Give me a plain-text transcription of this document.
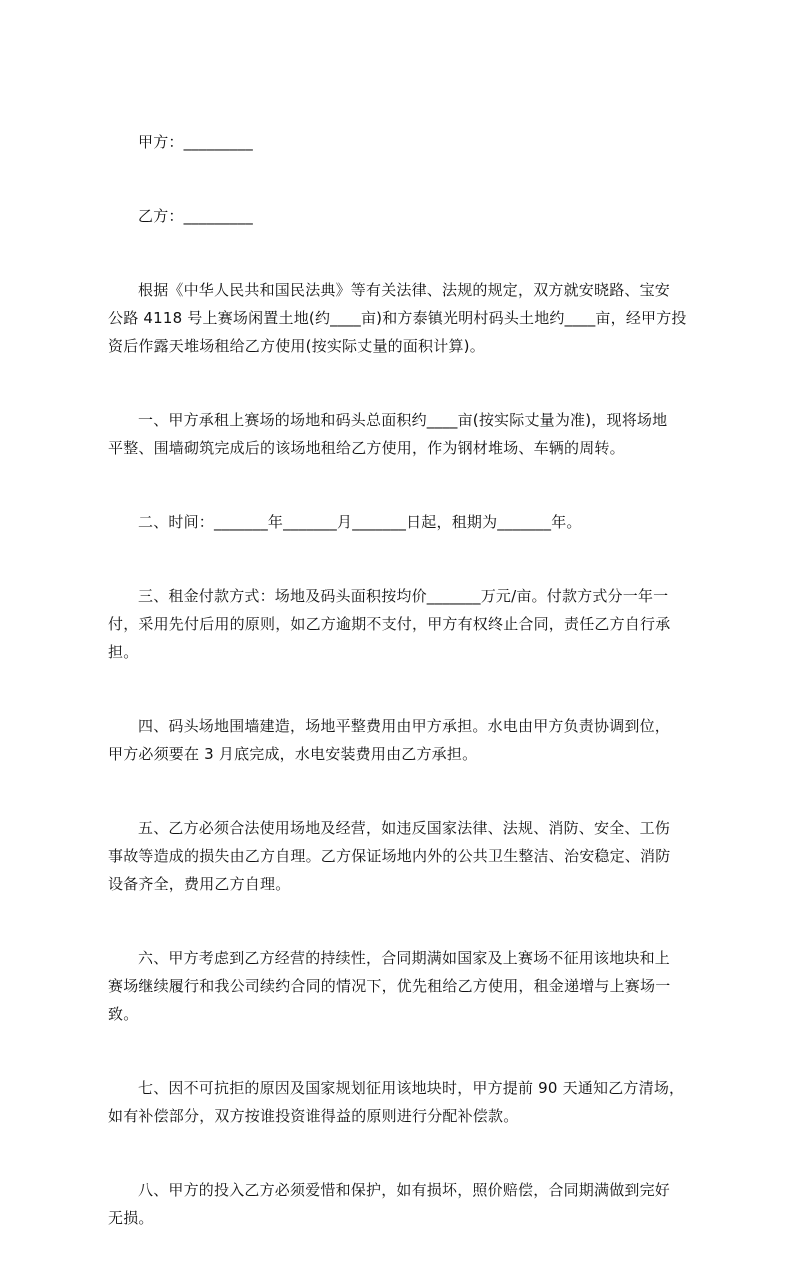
甲方：_________
乙方：_________
根据《中华人民共和国民法典》等有关法律、法规的规定，双方就安晓路、宝安
公路 4118 号上赛场闲置土地(约____亩)和方泰镇光明村码头土地约____亩，经甲方投
资后作露天堆场租给乙方使用(按实际丈量的面积计算)。
一、甲方承租上赛场的场地和码头总面积约____亩(按实际丈量为准)，现将场地
平整、围墙砌筑完成后的该场地租给乙方使用，作为钢材堆场、车辆的周转。
二、时间：_______年_______月_______日起，租期为_______年。
三、租金付款方式：场地及码头面积按均价_______万元/亩。付款方式分一年一
付，采用先付后用的原则，如乙方逾期不支付，甲方有权终止合同，责任乙方自行承
担。
四、码头场地围墙建造，场地平整费用由甲方承担。水电由甲方负责协调到位，
甲方必须要在 3 月底完成，水电安装费用由乙方承担。
五、乙方必须合法使用场地及经营，如违反国家法律、法规、消防、安全、工伤
事故等造成的损失由乙方自理。乙方保证场地内外的公共卫生整洁、治安稳定、消防
设备齐全，费用乙方自理。
六、甲方考虑到乙方经营的持续性，合同期满如国家及上赛场不征用该地块和上
赛场继续履行和我公司续约合同的情况下，优先租给乙方使用，租金递增与上赛场一
致。
七、因不可抗拒的原因及国家规划征用该地块时，甲方提前 90 天通知乙方清场，
如有补偿部分，双方按谁投资谁得益的原则进行分配补偿款。
八、甲方的投入乙方必须爱惜和保护，如有损坏，照价赔偿，合同期满做到完好
无损。
